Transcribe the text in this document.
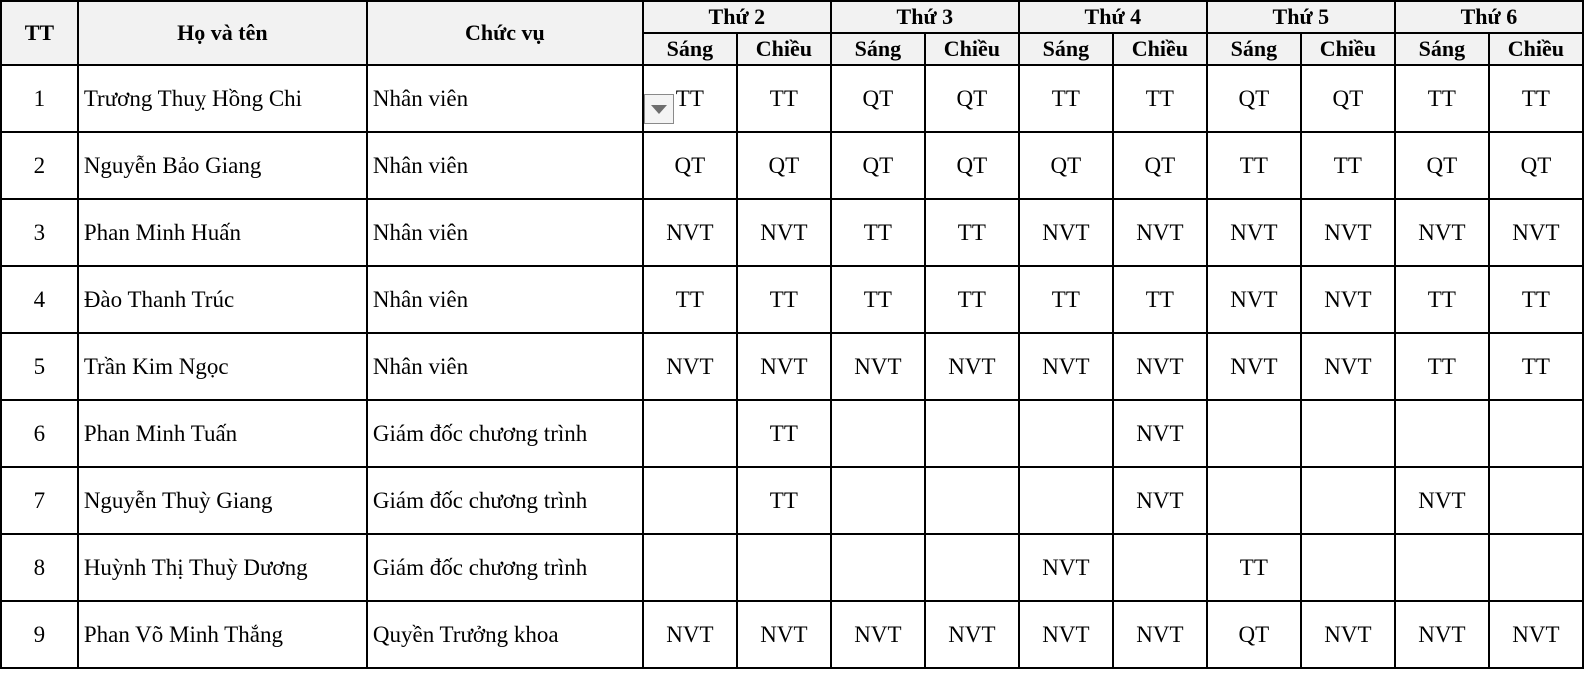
TT	Họ và tên	Chức vụ	Thứ 2		Thứ 3		Thứ 4		Thứ 5		Thứ 6	
			Sáng	Chiều	Sáng	Chiều	Sáng	Chiều	Sáng	Chiều	Sáng	Chiều
1	Trương Thuỵ Hồng Chi	Nhân viên	TT	TT	QT	QT	TT	TT	QT	QT	TT	TT
2	Nguyễn Bảo Giang	Nhân viên	QT	QT	QT	QT	QT	QT	TT	TT	QT	QT
3	Phan Minh Huấn	Nhân viên	NVT	NVT	TT	TT	NVT	NVT	NVT	NVT	NVT	NVT
4	Đào Thanh Trúc	Nhân viên	TT	TT	TT	TT	TT	TT	NVT	NVT	TT	TT
5	Trần Kim Ngọc	Nhân viên	NVT	NVT	NVT	NVT	NVT	NVT	NVT	NVT	TT	TT
6	Phan Minh Tuấn	Giám đốc chương trình		TT				NVT				
7	Nguyễn Thuỳ Giang	Giám đốc chương trình		TT				NVT			NVT	
8	Huỳnh Thị Thuỳ Dương	Giám đốc chương trình					NVT		TT			
9	Phan Võ Minh Thắng	Quyền Trưởng khoa	NVT	NVT	NVT	NVT	NVT	NVT	QT	NVT	NVT	NVT
